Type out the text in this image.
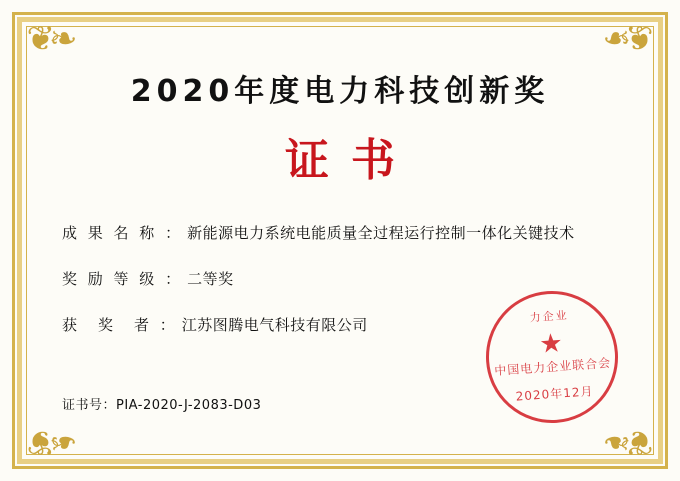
❦❧	❦❧
❦❧	❦❧
2020年度电力科技创新奖
证书
成 果 名 称 ： 新能源电力系统电能质量全过程运行控制一体化关键技术
奖 励 等 级 ： 二等奖
获　奖　者 ： 江苏图腾电气科技有限公司
证书号：PIA-2020-J-2083-D03
力企业
★
中国电力企业联合会
2020年12月
